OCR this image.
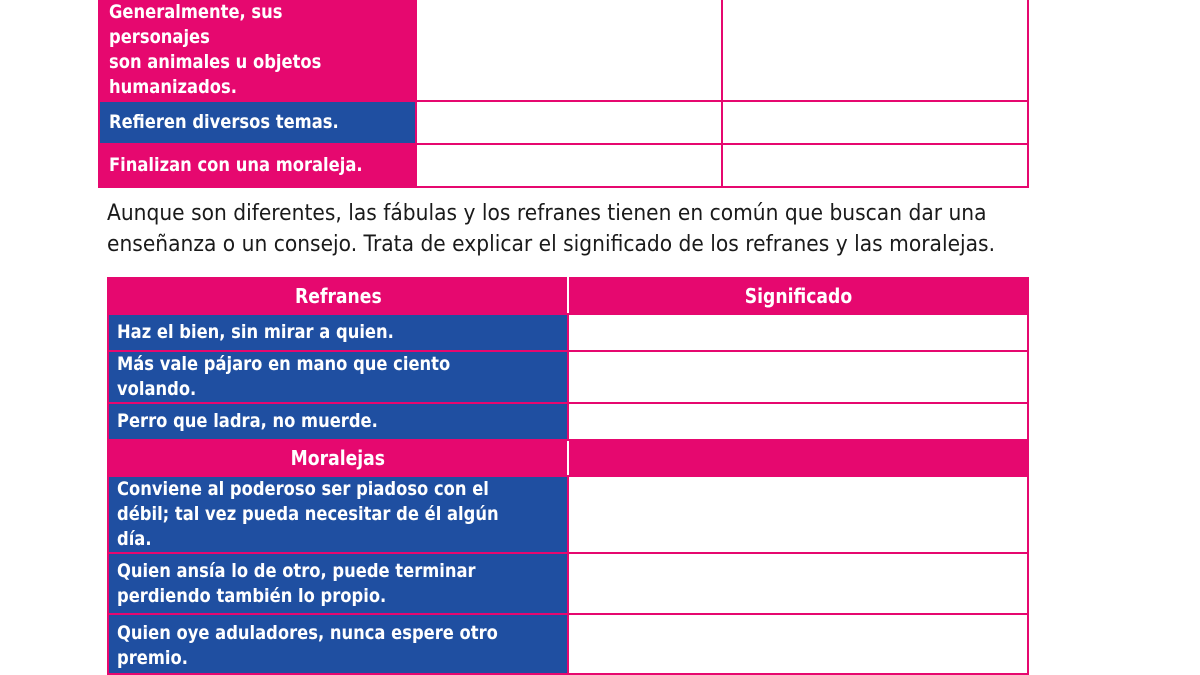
Generalmente, sus personajes
son animales u objetos
humanizados.		

Refieren diversos temas.		

Finalizan con una moraleja.		

Aunque son diferentes, las fábulas y los refranes tienen en común que buscan dar una
enseñanza o un consejo. Trata de explicar el significado de los refranes y las moralejas.

Refranes	Significado

Haz el bien, sin mirar a quien.	

Más vale pájaro en mano que ciento volando.	

Perro que ladra, no muerde.	

Moralejas	

Conviene al poderoso ser piadoso con el
débil; tal vez pueda necesitar de él algún día.	

Quien ansía lo de otro, puede terminar
perdiendo también lo propio.	

Quien oye aduladores, nunca espere otro
premio.	
